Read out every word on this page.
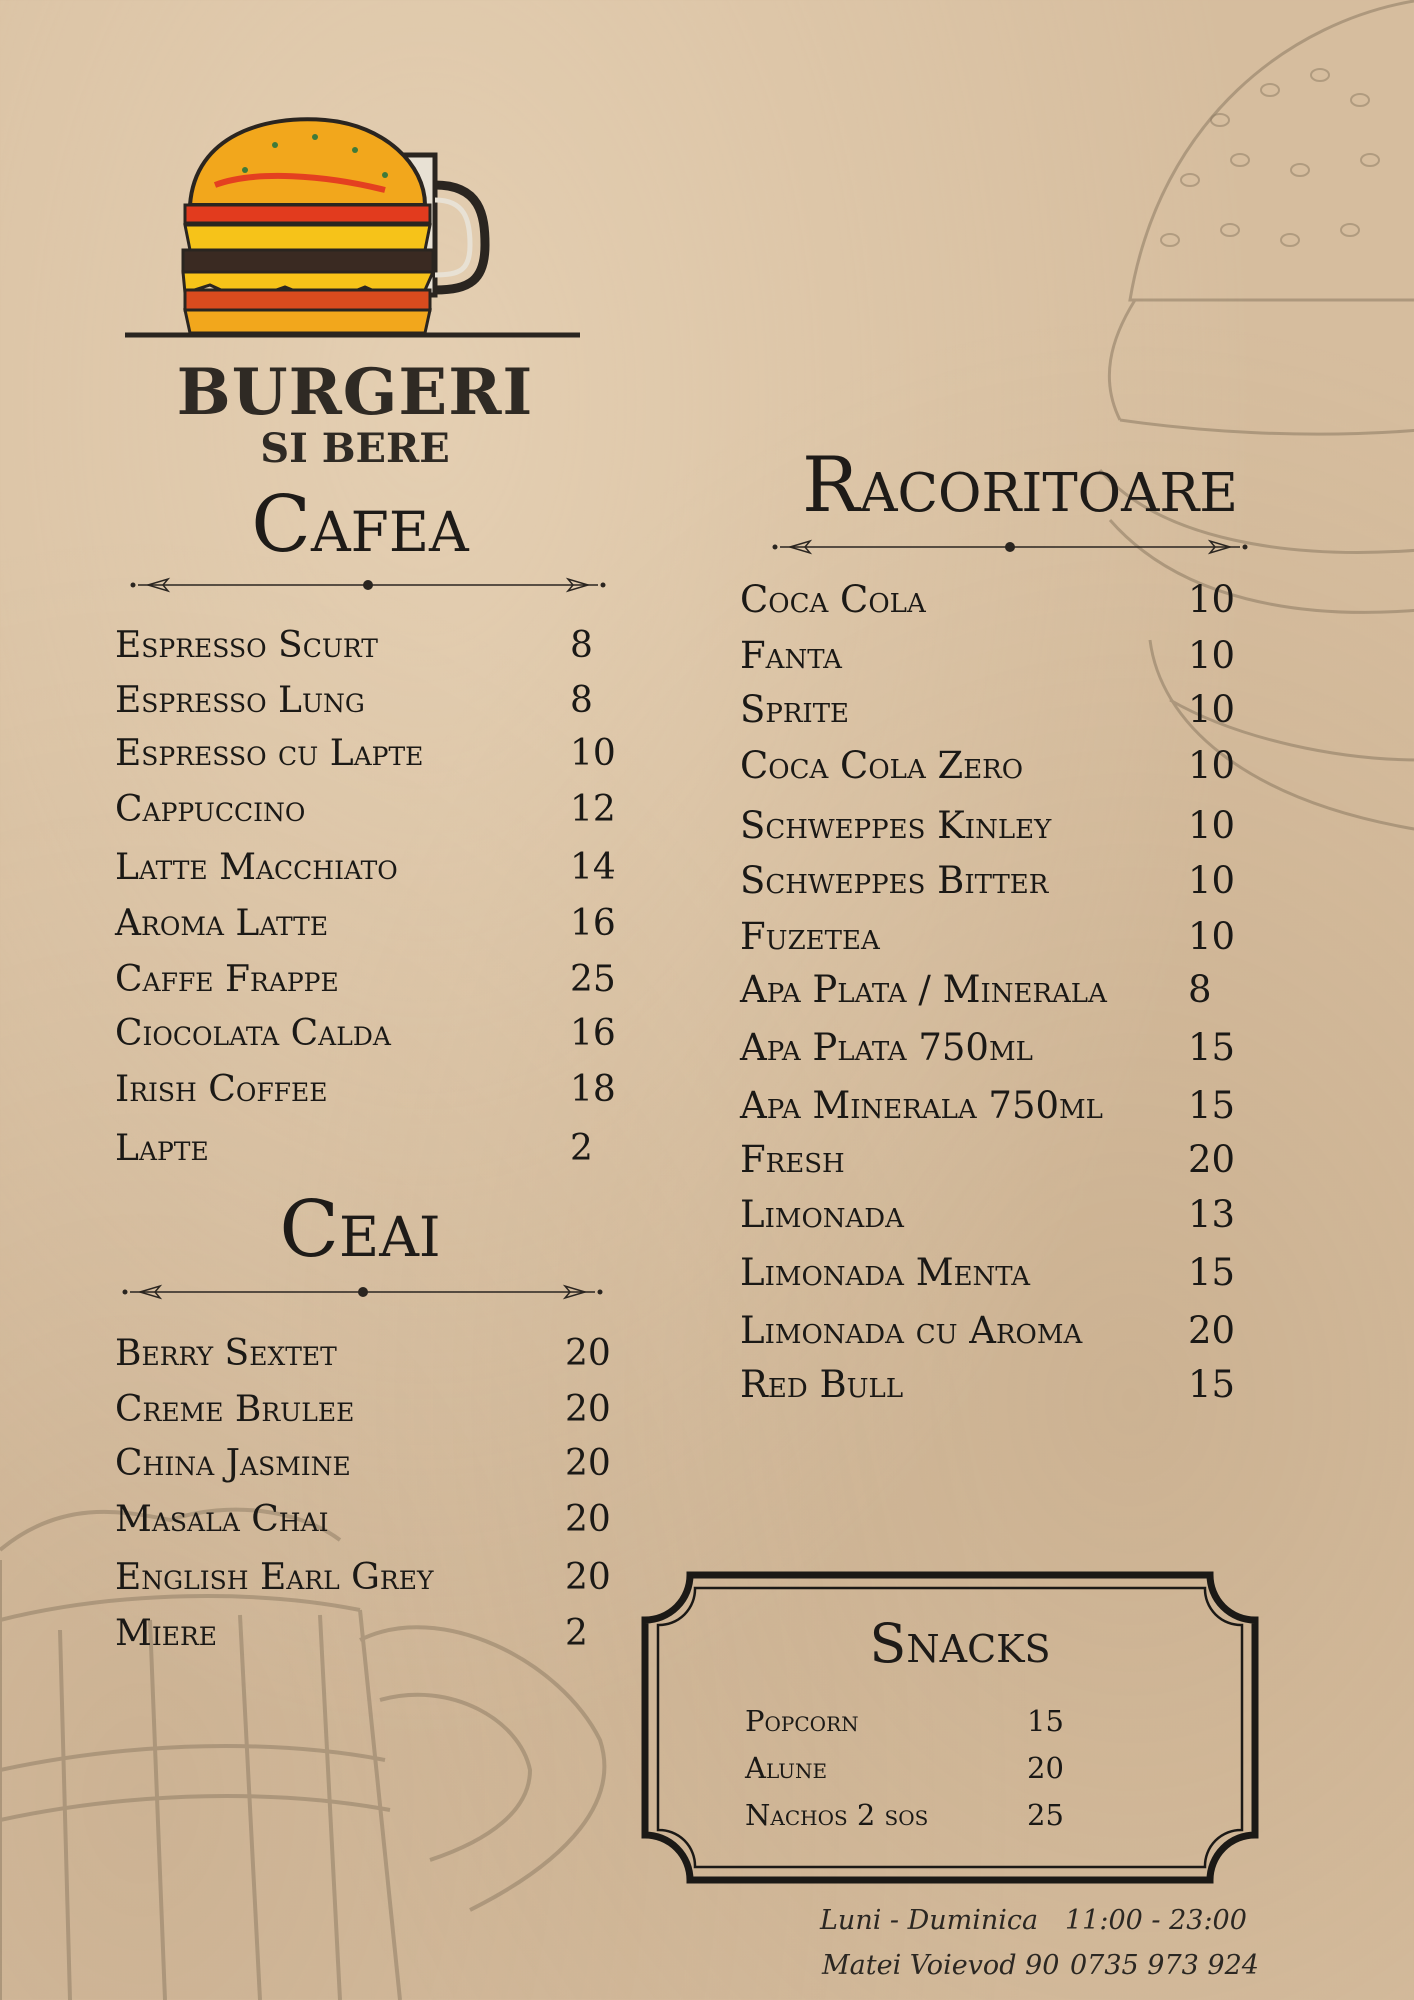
BURGERI
SI BERE
Cafea
Espresso Scurt	8
Espresso Lung	8
Espresso cu Lapte	10
Cappuccino	12
Latte Macchiato	14
Aroma Latte	16
Caffe Frappe	25
Ciocolata Calda	16
Irish Coffee	18
Lapte	2
Ceai
Berry Sextet	20
Creme Brulee	20
China Jasmine	20
Masala Chai	20
English Earl Grey	20
Miere	2
Racoritoare
Coca Cola	10
Fanta	10
Sprite	10
Coca Cola Zero	10
Schweppes Kinley	10
Schweppes Bitter	10
Fuzetea	10
Apa Plata / Minerala 8
Apa Plata 750ml	15
Apa Minerala 750ml 15
Fresh	20
Limonada	13
Limonada Menta	15
Limonada cu Aroma	20
Red Bull	15
Snacks
Popcorn	15
Alune	20
Nachos 2 sos	25
Luni - Duminica 11:00 - 23:00
Matei Voievod 90 0735 973 924
